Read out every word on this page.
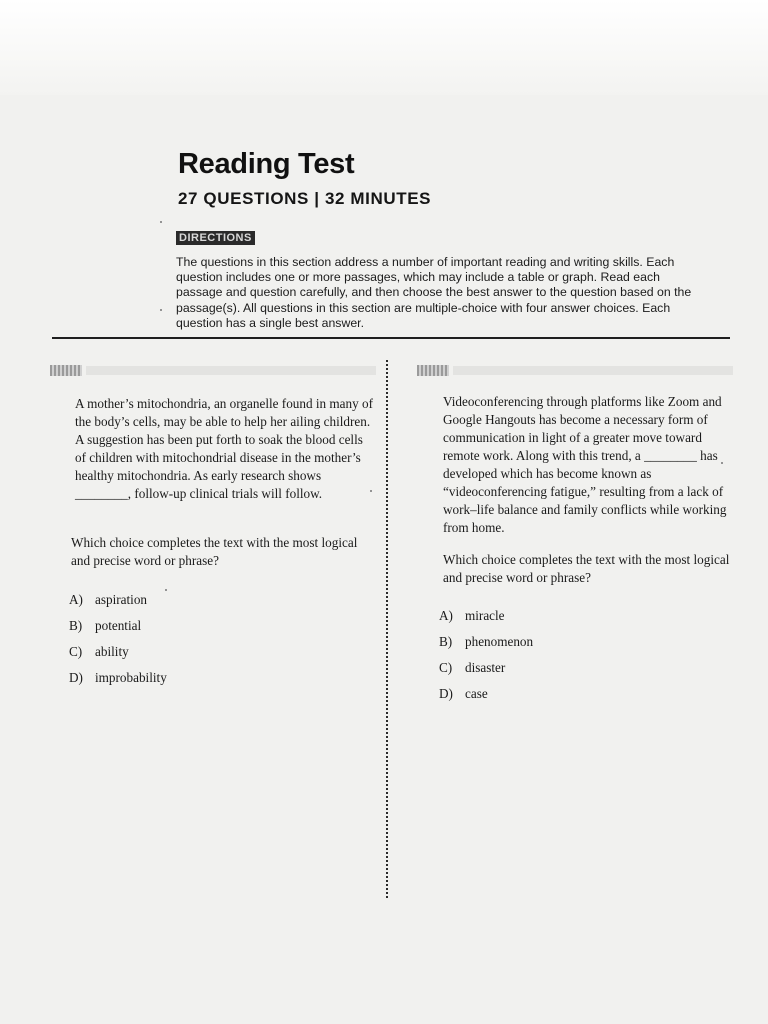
Reading Test
27 QUESTIONS | 32 MINUTES
DIRECTIONS

The questions in this section address a number of important reading and writing skills. Each question includes one or more passages, which may include a table or graph. Read each passage and question carefully, and then choose the best answer to the question based on the passage(s). All questions in this section are multiple-choice with four answer choices. Each question has a single best answer.

A mother’s mitochondria, an organelle found in many of the body’s cells, may be able to help her ailing children. A suggestion has been put forth to soak the blood cells of children with mitochondrial disease in the mother’s healthy mitochondria. As early research shows ________, follow-up clinical trials will follow.

Which choice completes the text with the most logical and precise word or phrase?

A) aspiration
B) potential
C) ability
D) improbability

Videoconferencing through platforms like Zoom and Google Hangouts has become a necessary form of communication in light of a greater move toward remote work. Along with this trend, a ________ has developed which has become known as “videoconferencing fatigue,” resulting from a lack of work–life balance and family conflicts while working from home.

Which choice completes the text with the most logical and precise word or phrase?

A) miracle
B) phenomenon
C) disaster
D) case
